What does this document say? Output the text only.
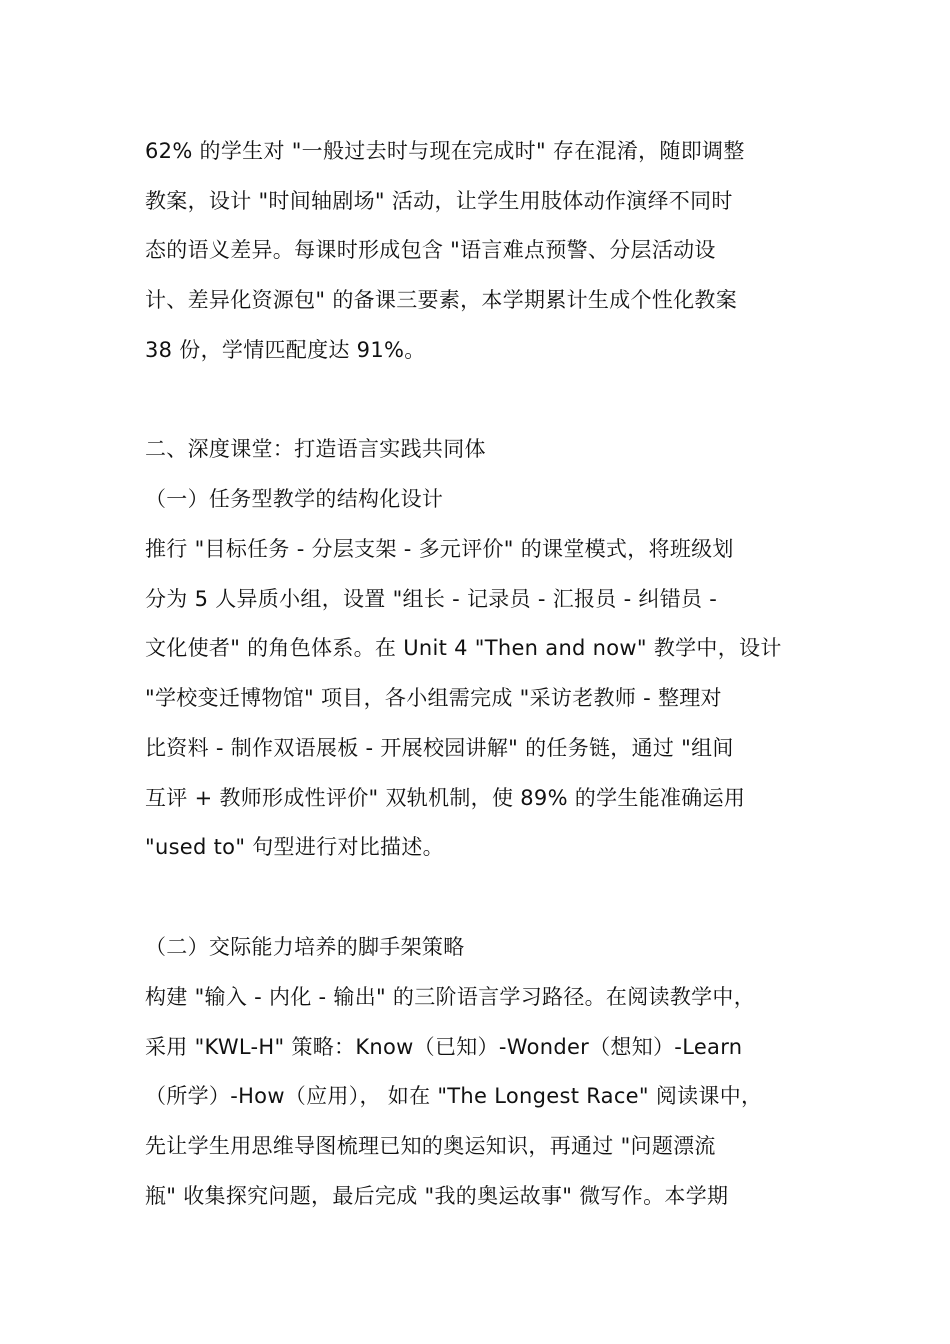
62% 的学生对 "一般过去时与现在完成时" 存在混淆，随即调整
教案，设计 "时间轴剧场" 活动，让学生用肢体动作演绎不同时
态的语义差异。每课时形成包含 "语言难点预警、分层活动设
计、差异化资源包" 的备课三要素，本学期累计生成个性化教案
38 份，学情匹配度达 91%。
二、深度课堂：打造语言实践共同体
（一）任务型教学的结构化设计
推行 "目标任务 - 分层支架 - 多元评价" 的课堂模式，将班级划
分为 5 人异质小组，设置 "组长 - 记录员 - 汇报员 - 纠错员 -
文化使者" 的角色体系。在 Unit 4 "Then and now" 教学中，设计
"学校变迁博物馆" 项目，各小组需完成 "采访老教师 - 整理对
比资料 - 制作双语展板 - 开展校园讲解" 的任务链，通过 "组间
互评 + 教师形成性评价" 双轨机制，使 89% 的学生能准确运用
"used to" 句型进行对比描述。
（二）交际能力培养的脚手架策略
构建 "输入 - 内化 - 输出" 的三阶语言学习路径。在阅读教学中，
采用 "KWL-H" 策略：Know（已知）-Wonder（想知）-Learn
（所学）-How（应用）， 如在 "The Longest Race" 阅读课中，
先让学生用思维导图梳理已知的奥运知识，再通过 "问题漂流
瓶" 收集探究问题，最后完成 "我的奥运故事" 微写作。本学期
